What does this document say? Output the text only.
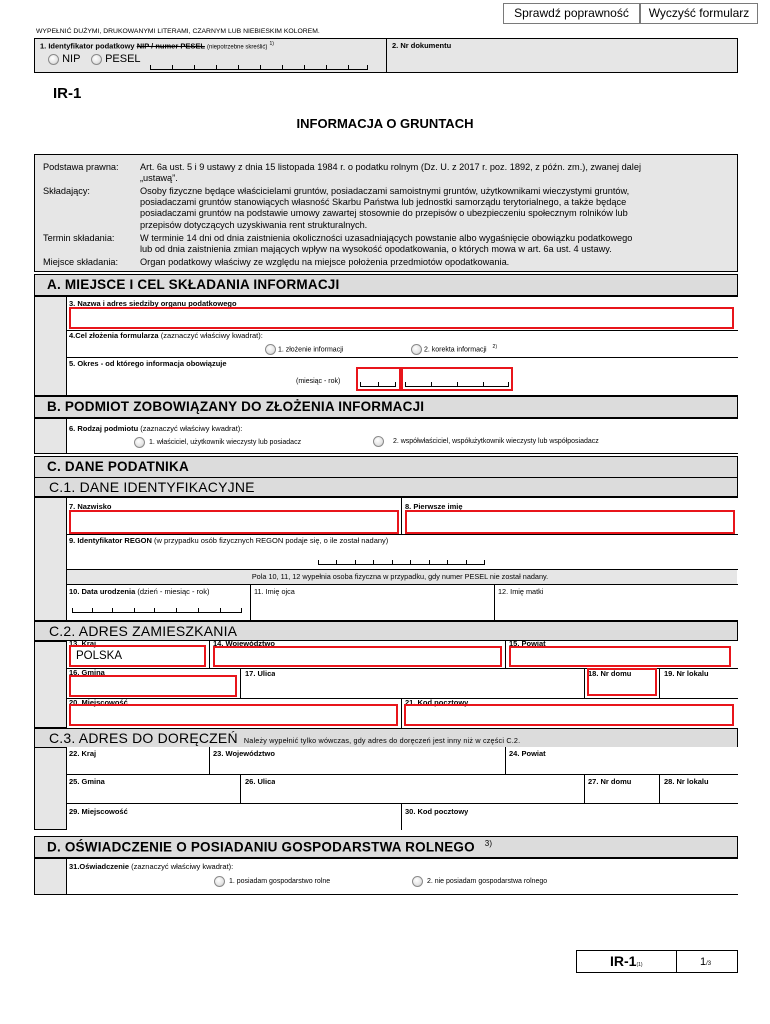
Sprawdź poprawność	Wyczyść formularz
WYPEŁNIĆ DUŻYMI, DRUKOWANYMI LITERAMI, CZARNYM LUB NIEBIESKIM KOLOREM.
1. Identyfikator podatkowy NIP / numer PESEL (niepotrzebne skreślić) $^{1)}$
NIP	PESEL
2. Nr dokumentu
IR-1
INFORMACJA O GRUNTACH
Podstawa prawna: Art. 6a ust. 5 i 9 ustawy z dnia 15 listopada 1984 r. o podatku rolnym (Dz. U. z 2017 r. poz. 1892, z późn. zm.), zwanej dalej
„ustawą”.
Składający:	Osoby fizyczne będące właścicielami gruntów, posiadaczami samoistnymi gruntów, użytkownikami wieczystymi gruntów,
posiadaczami gruntów stanowiących własność Skarbu Państwa lub jednostki samorządu terytorialnego, a także będące
posiadaczami gruntów na podstawie umowy zawartej stosownie do przepisów o ubezpieczeniu społecznym rolników lub
przepisów dotyczących uzyskiwania rent strukturalnych.
Termin składania:	W terminie 14 dni od dnia zaistnienia okoliczności uzasadniających powstanie albo wygaśnięcie obowiązku podatkowego
lub od dnia zaistnienia zmian mających wpływ na wysokość opodatkowania, o których mowa w art. 6a ust. 4 ustawy.
Miejsce składania: Organ podatkowy właściwy ze względu na miejsce położenia przedmiotów opodatkowania.
A. MIEJSCE I CEL SKŁADANIA INFORMACJI
3. Nazwa i adres siedziby organu podatkowego
4.Cel złożenia formularza (zaznaczyć właściwy kwadrat):
1. złożenie informacji	2. korekta informacji $^{2)}$
5. Okres - od którego informacja obowiązuje
(miesiąc - rok)
B. PODMIOT ZOBOWIĄZANY DO ZŁOŻENIA INFORMACJI
6. Rodzaj podmiotu (zaznaczyć właściwy kwadrat):
1. właściciel, użytkownik wieczysty lub posiadacz	2. współwłaściciel, współużytkownik wieczysty lub współposiadacz
C. DANE PODATNIKA
C.1. DANE IDENTYFIKACYJNE
7. Nazwisko	8. Pierwsze imię
9. Identyfikator REGON (w przypadku osób fizycznych REGON podaje się, o ile został nadany)
Pola 10, 11, 12 wypełnia osoba fizyczna w przypadku, gdy numer PESEL nie został nadany.
10. Data urodzenia (dzień - miesiąc - rok)	11. Imię ojca	12. Imię matki
C.2. ADRES ZAMIESZKANIA
13. Kraj
POLSKA
14. Województwo	15. Powiat
16. Gmina	17. Ulica	18. Nr domu	19. Nr lokalu
20. Miejscowość	21. Kod pocztowy
C.3. ADRES DO DORĘCZEŃ Należy wypełnić tylko wówczas, gdy adres do doręczeń jest inny niż w części C.2.
22. Kraj	23. Województwo	24. Powiat
25. Gmina	26. Ulica	27. Nr domu	28. Nr lokalu
29. Miejscowość	30. Kod pocztowy
D. OŚWIADCZENIE O POSIADANIU GOSPODARSTWA ROLNEGO $^{3)}$
31.Oświadczenie (zaznaczyć właściwy kwadrat):
1. posiadam gospodarstwo rolne	2. nie posiadam gospodarstwa rolnego
IR-1(1)	1/3
